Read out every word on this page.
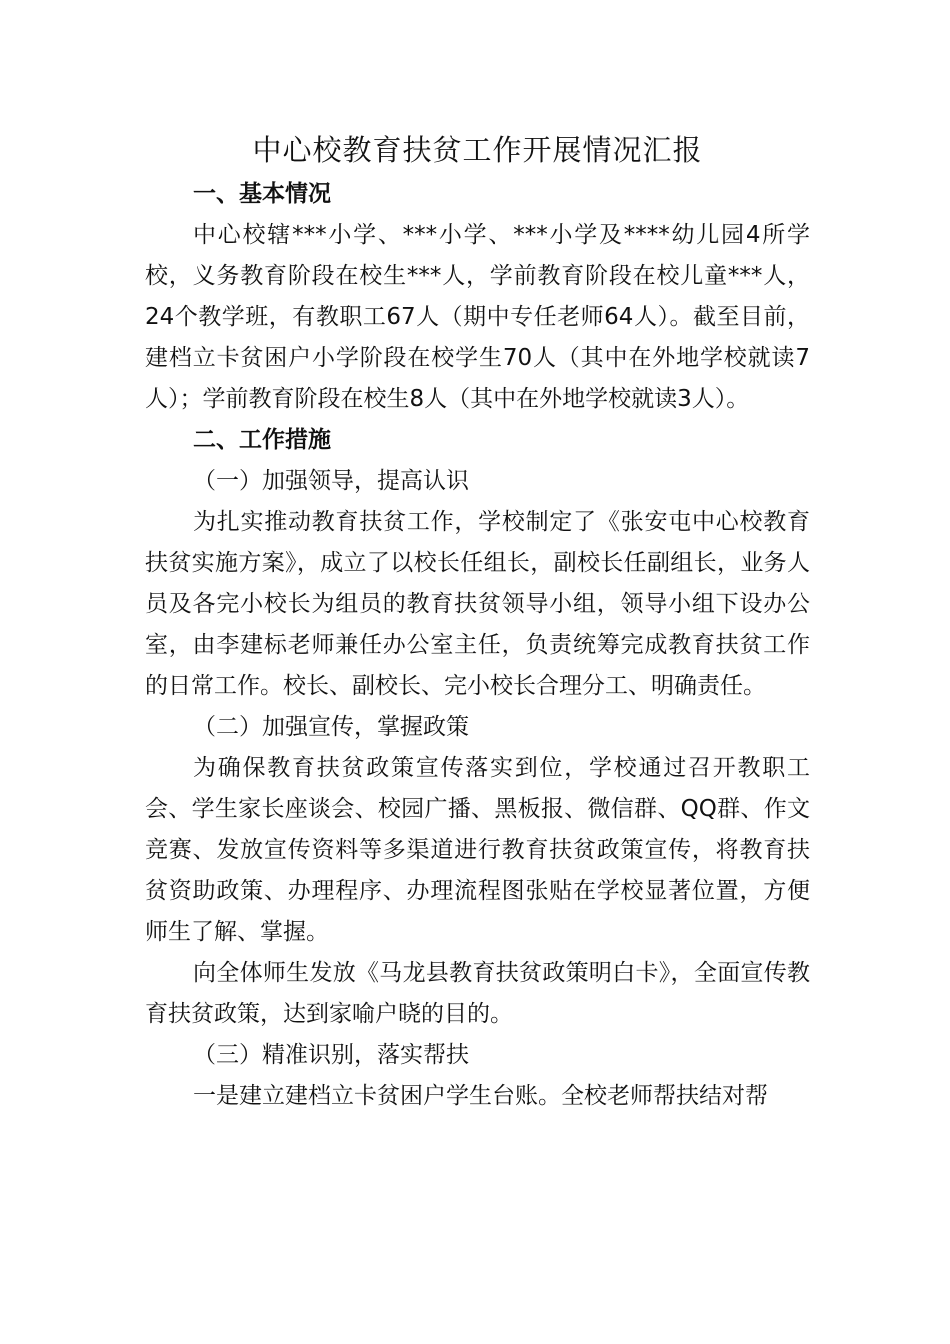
中心校教育扶贫工作开展情况汇报
一、基本情况

中心校辖***小学、***小学、***小学及****幼儿园4所学校，义务教育阶段在校生***人，学前教育阶段在校儿童***人，24个教学班，有教职工67人（期中专任老师64人）。截至目前，建档立卡贫困户小学阶段在校学生70人（其中在外地学校就读7人）；学前教育阶段在校生8人（其中在外地学校就读3人）。

二、工作措施
（一）加强领导，提高认识

为扎实推动教育扶贫工作，学校制定了《张安屯中心校教育扶贫实施方案》，成立了以校长任组长，副校长任副组长，业务人员及各完小校长为组员的教育扶贫领导小组，领导小组下设办公室，由李建标老师兼任办公室主任，负责统筹完成教育扶贫工作的日常工作。校长、副校长、完小校长合理分工、明确责任。

（二）加强宣传，掌握政策

为确保教育扶贫政策宣传落实到位，学校通过召开教职工会、学生家长座谈会、校园广播、黑板报、微信群、QQ群、作文竞赛、发放宣传资料等多渠道进行教育扶贫政策宣传，将教育扶贫资助政策、办理程序、办理流程图张贴在学校显著位置，方便师生了解、掌握。

向全体师生发放《马龙县教育扶贫政策明白卡》，全面宣传教育扶贫政策，达到家喻户晓的目的。

（三）精准识别，落实帮扶

一是建立建档立卡贫困户学生台账。全校老师帮扶结对帮
